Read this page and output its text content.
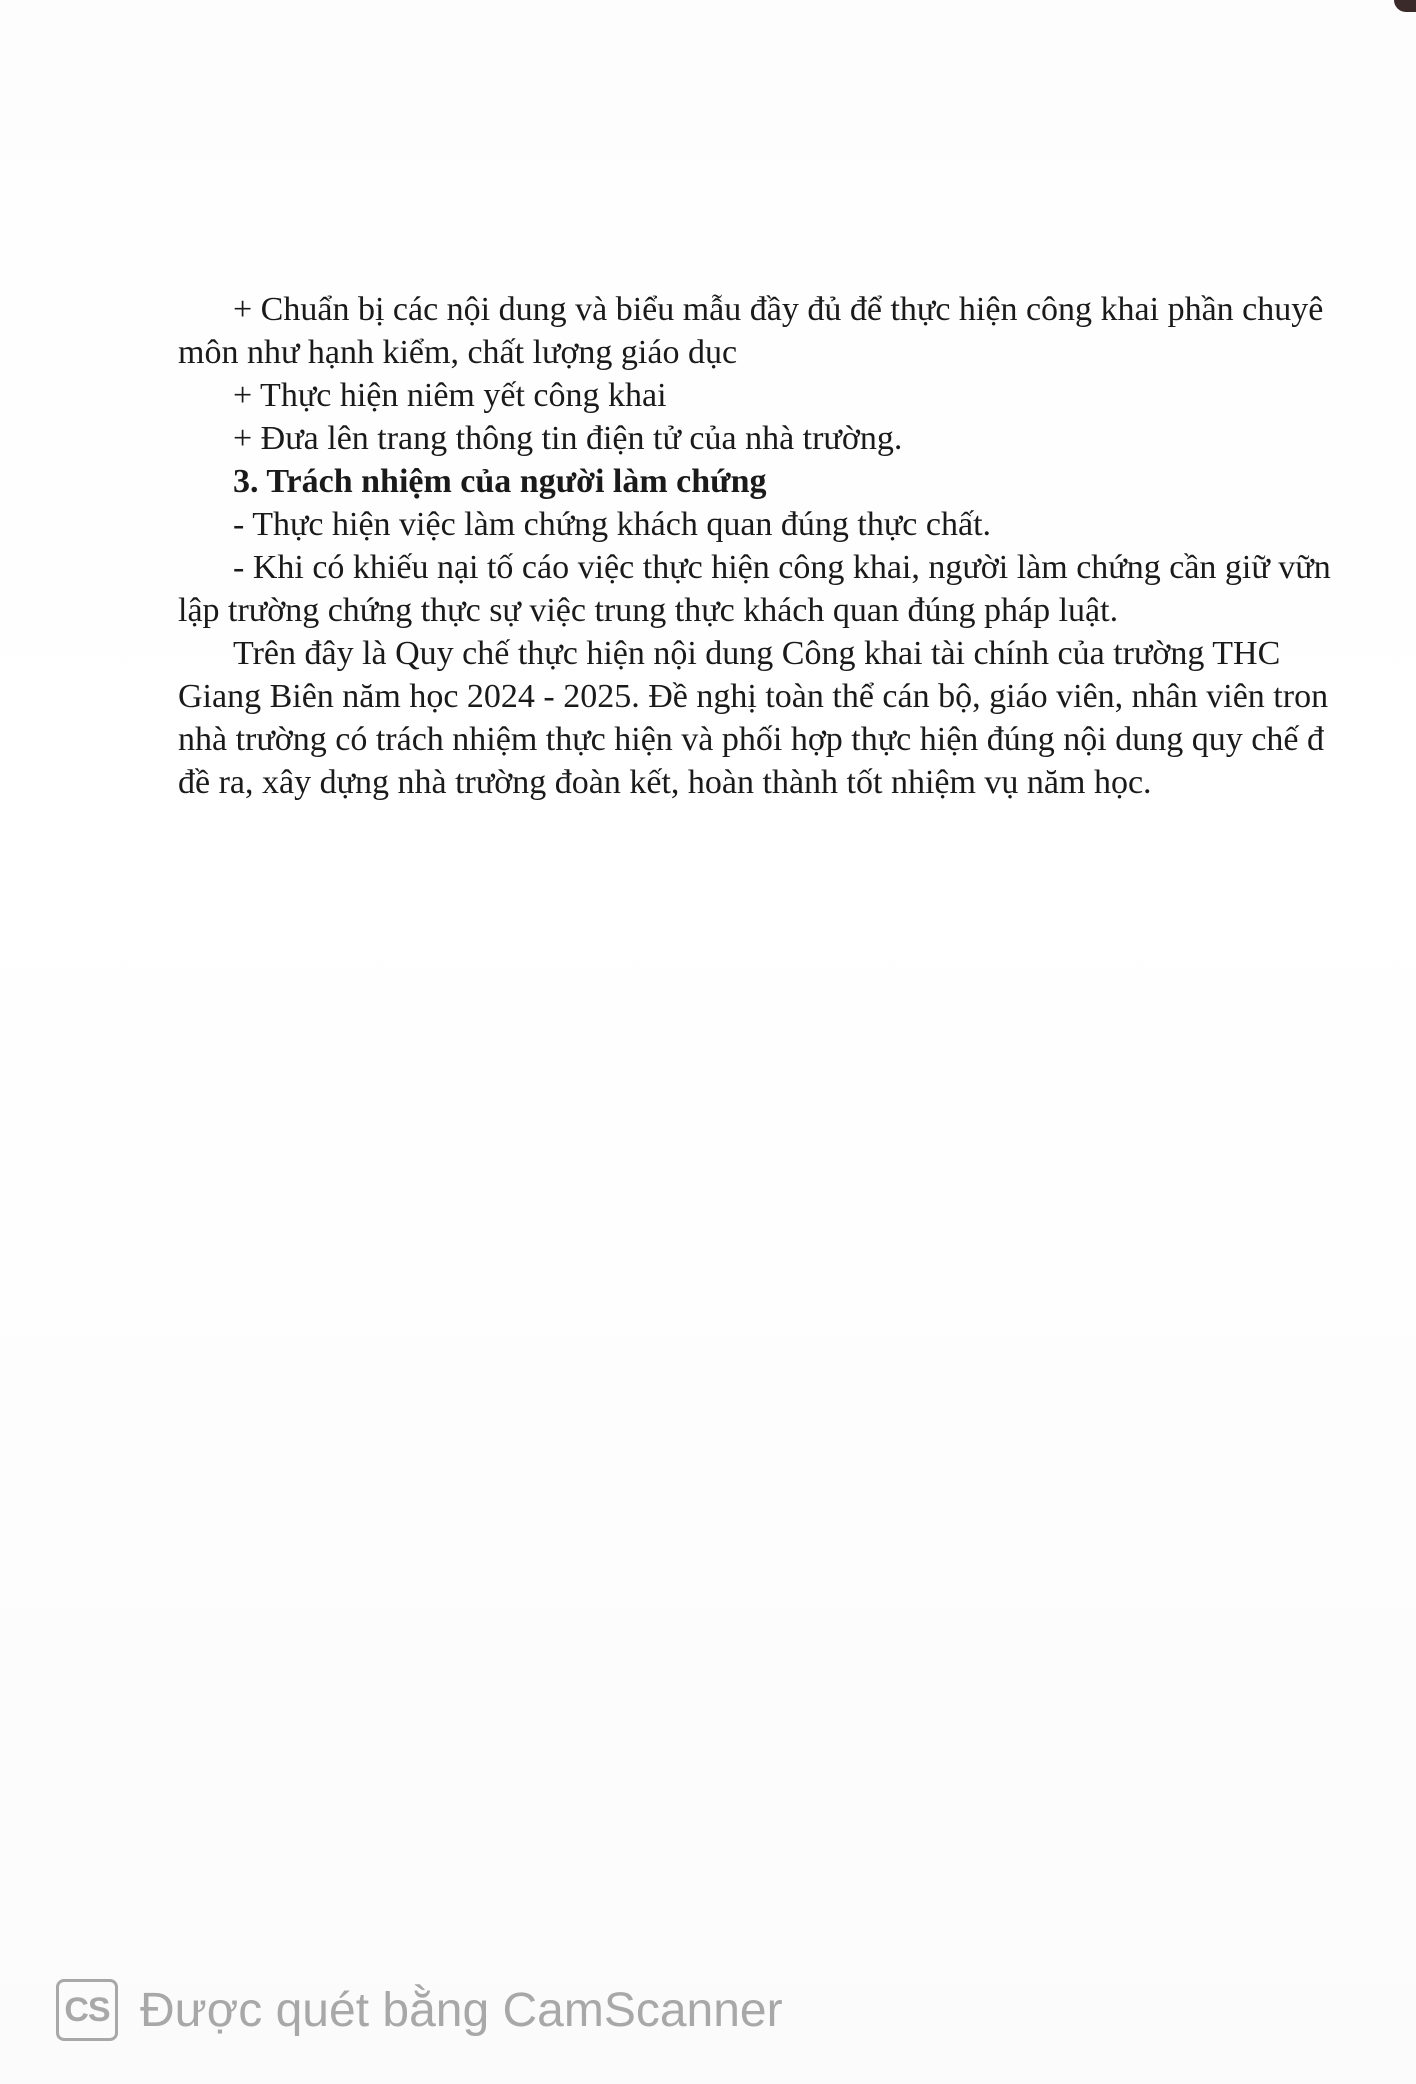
+ Chuẩn bị các nội dung và biểu mẫu đầy đủ để thực hiện công khai phần chuyê
môn như hạnh kiểm, chất lượng giáo dục
+ Thực hiện niêm yết công khai
+ Đưa lên trang thông tin điện tử của nhà trường.
3. Trách nhiệm của người làm chứng
- Thực hiện việc làm chứng khách quan đúng thực chất.
- Khi có khiếu nại tố cáo việc thực hiện công khai, người làm chứng cần giữ vữn
lập trường chứng thực sự việc trung thực khách quan đúng pháp luật.
Trên đây là Quy chế thực hiện nội dung Công khai tài chính của trường THC
Giang Biên năm học 2024 - 2025. Đề nghị toàn thể cán bộ, giáo viên, nhân viên tron
nhà trường có trách nhiệm thực hiện và phối hợp thực hiện đúng nội dung quy chế đ
đề ra, xây dựng nhà trường đoàn kết, hoàn thành tốt nhiệm vụ năm học.
CS Được quét bằng CamScanner
